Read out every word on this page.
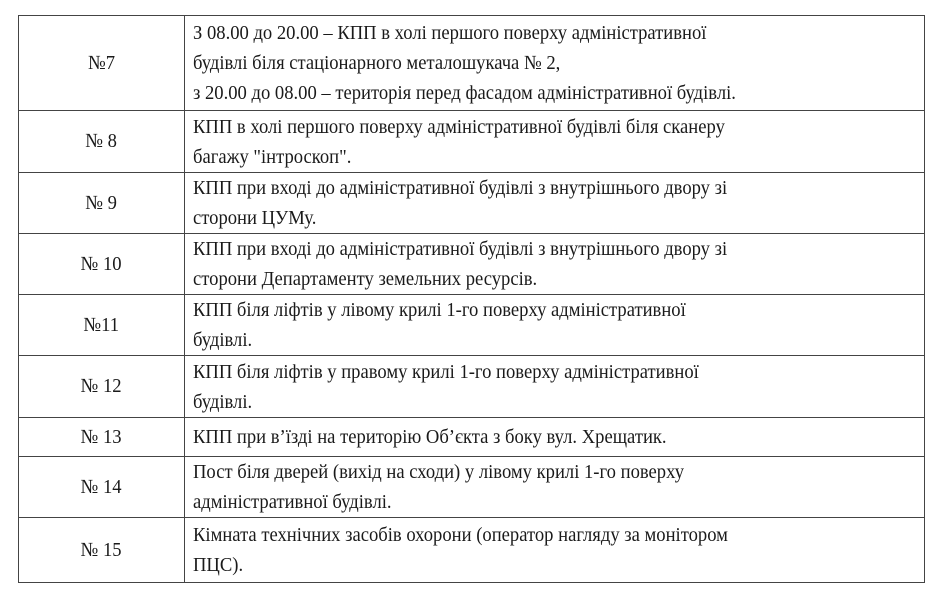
№7	З 08.00 до 20.00 – КПП в холі першого поверху адміністративної
будівлі біля стаціонарного металошукача № 2,
з 20.00 до 08.00 – територія перед фасадом адміністративної будівлі.

№ 8	КПП в холі першого поверху адміністративної будівлі біля сканеру
багажу "інтроскоп".

№ 9	КПП при вході до адміністративної будівлі з внутрішнього двору зі
сторони ЦУМу.

№ 10	КПП при вході до адміністративної будівлі з внутрішнього двору зі
сторони Департаменту земельних ресурсів.

№11	КПП біля ліфтів у лівому крилі 1-го поверху адміністративної
будівлі.

№ 12	КПП біля ліфтів у правому крилі 1-го поверху адміністративної
будівлі.

№ 13	КПП при в’їзді на територію Об’єкта з боку вул. Хрещатик.

№ 14	Пост біля дверей (вихід на сходи) у лівому крилі 1-го поверху
адміністративної будівлі.

№ 15	Кімната технічних засобів охорони (оператор нагляду за монітором
ПЦС).
